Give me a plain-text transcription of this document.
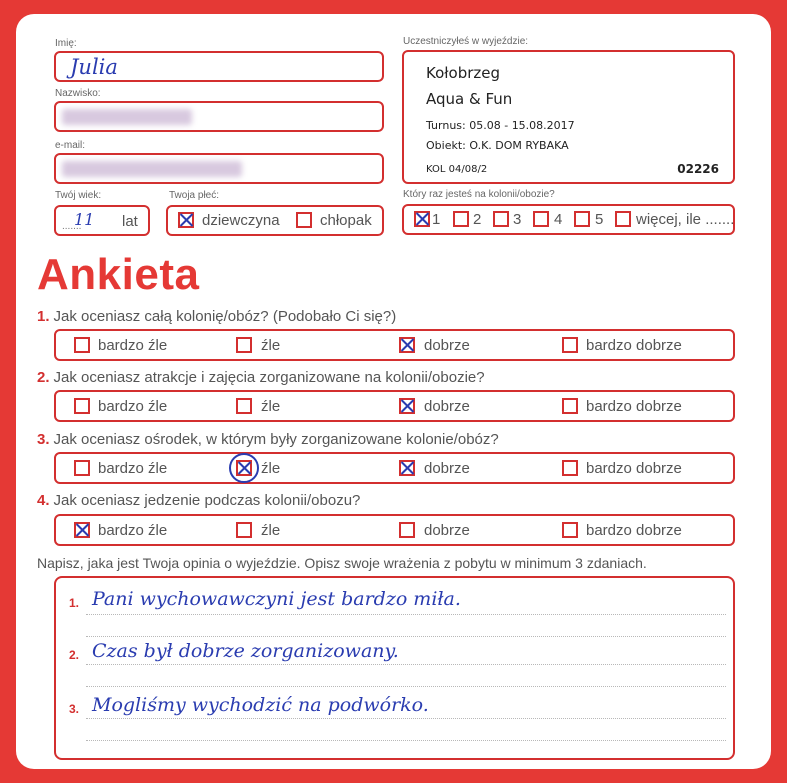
Imię:
Julia
Nazwisko:
e-mail:
Twój wiek:
.......
11 lat
Twoja płeć:
dziewczyna	chłopak
Uczestniczyłeś w wyjeździe:
Kołobrzeg
Aqua & Fun
Turnus: 05.08 - 15.08.2017
Obiekt: O.K. DOM RYBAKA
KOL 04/08/2	02226
Który raz jesteś na kolonii/obozie?
1 2 3 4 5 więcej, ile .......
Ankieta
1. Jak oceniasz całą kolonię/obóz? (Podobało Ci się?)
bardzo źle	źle	dobrze	bardzo dobrze
2. Jak oceniasz atrakcje i zajęcia zorganizowane na kolonii/obozie?
bardzo źle	źle	dobrze	bardzo dobrze
3. Jak oceniasz ośrodek, w którym były zorganizowane kolonie/obóz?
bardzo źle	źle	dobrze	bardzo dobrze
4. Jak oceniasz jedzenie podczas kolonii/obozu?
bardzo źle	źle	dobrze	bardzo dobrze
Napisz, jaka jest Twoja opinia o wyjeździe. Opisz swoje wrażenia z pobytu w minimum 3 zdaniach.
1. Pani wychowawczyni jest bardzo miła.
2. Czas był dobrze zorganizowany.
3. Mogliśmy wychodzić na podwórko.
